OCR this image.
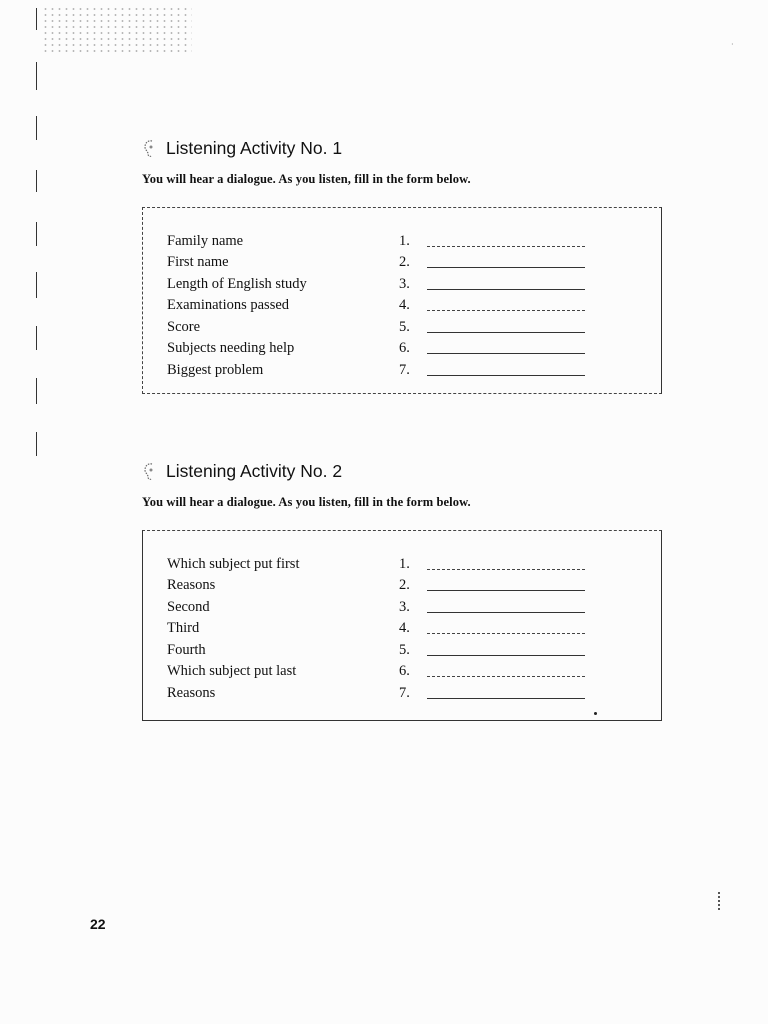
·
Listening Activity No. 1
You will hear a dialogue. As you listen, fill in the form below.
Family name	1.
First name	2.
Length of English study	3.
Examinations passed	4.
Score	5.
Subjects needing help	6.
Biggest problem	7.
Listening Activity No. 2
You will hear a dialogue. As you listen, fill in the form below.
Which subject put first	1.
Reasons	2.
Second	3.
Third	4.
Fourth	5.
Which subject put last	6.
Reasons	7.
22
